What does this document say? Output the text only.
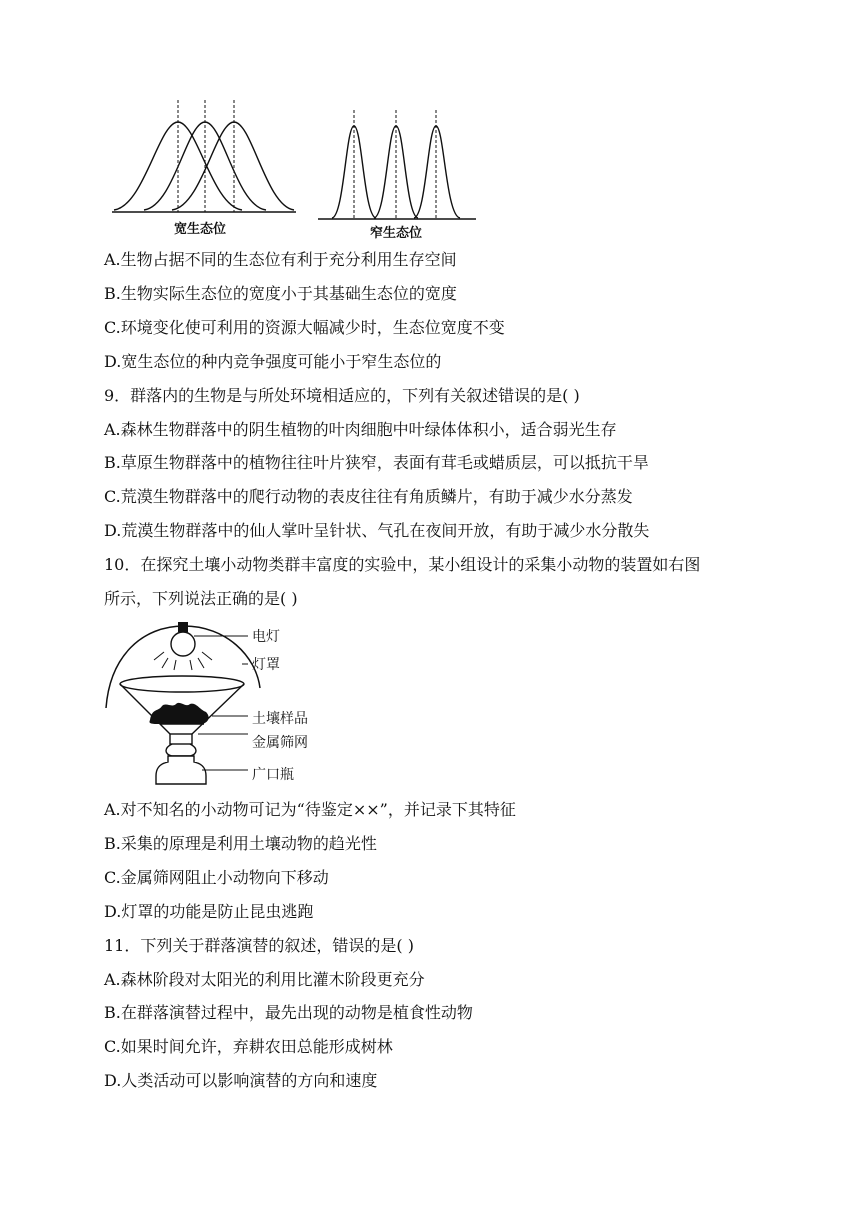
宽生态位	窄生态位
A.生物占据不同的生态位有利于充分利用生存空间
B.生物实际生态位的宽度小于其基础生态位的宽度
C.环境变化使可利用的资源大幅减少时，生态位宽度不变
D.宽生态位的种内竞争强度可能小于窄生态位的
9．群落内的生物是与所处环境相适应的，下列有关叙述错误的是( )
A.森林生物群落中的阴生植物的叶肉细胞中叶绿体体积小，适合弱光生存
B.草原生物群落中的植物往往叶片狭窄，表面有茸毛或蜡质层，可以抵抗干旱
C.荒漠生物群落中的爬行动物的表皮往往有角质鳞片，有助于减少水分蒸发
D.荒漠生物群落中的仙人掌叶呈针状、气孔在夜间开放，有助于减少水分散失
10．在探究土壤小动物类群丰富度的实验中，某小组设计的采集小动物的装置如右图
所示，下列说法正确的是( )
电灯
灯罩
土壤样品
金属筛网
广口瓶
A.对不知名的小动物可记为“待鉴定××”，并记录下其特征
B.采集的原理是利用土壤动物的趋光性
C.金属筛网阻止小动物向下移动
D.灯罩的功能是防止昆虫逃跑
11．下列关于群落演替的叙述，错误的是( )
A.森林阶段对太阳光的利用比灌木阶段更充分
B.在群落演替过程中，最先出现的动物是植食性动物
C.如果时间允许，弃耕农田总能形成树林
D.人类活动可以影响演替的方向和速度
